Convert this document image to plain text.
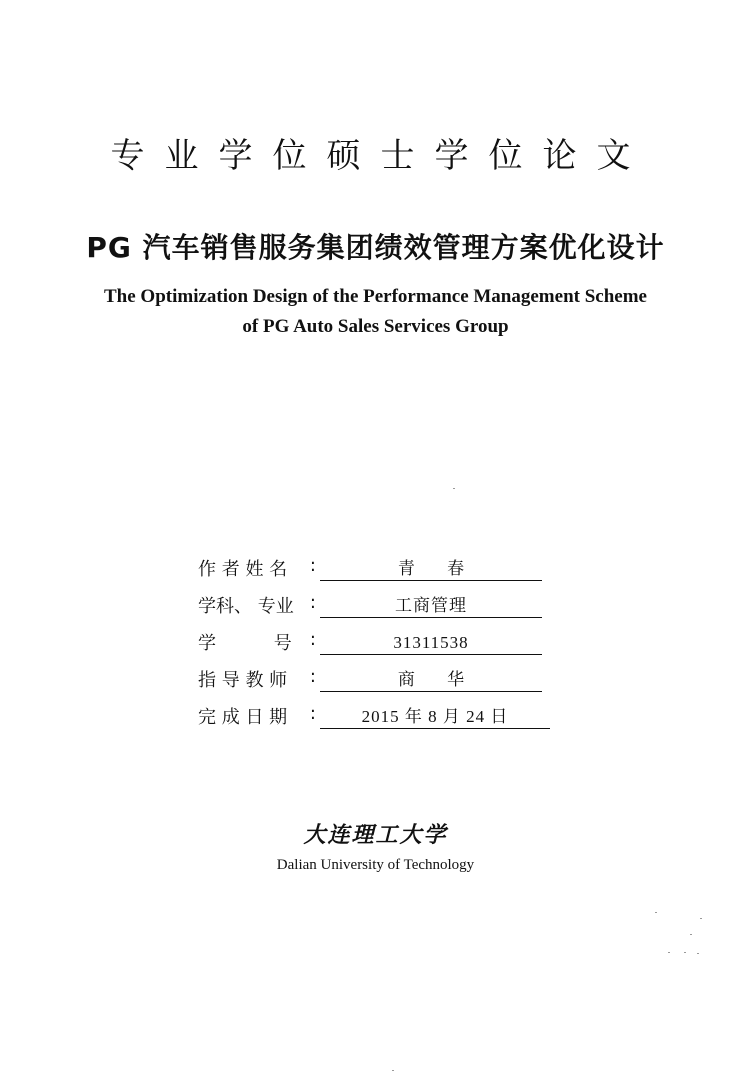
专业学位硕士学位论文
PG 汽车销售服务集团绩效管理方案优化设计
The Optimization Design of the Performance Management Scheme
of PG Auto Sales Services Group
作 者 姓 名 :	青 春
学科、 专业 :	工商管理
学 号 :	31311538
指 导 教 师 :	商 华
完 成 日 期 :	2015 年 8 月 24 日
大连理工大学
Dalian University of Technology
